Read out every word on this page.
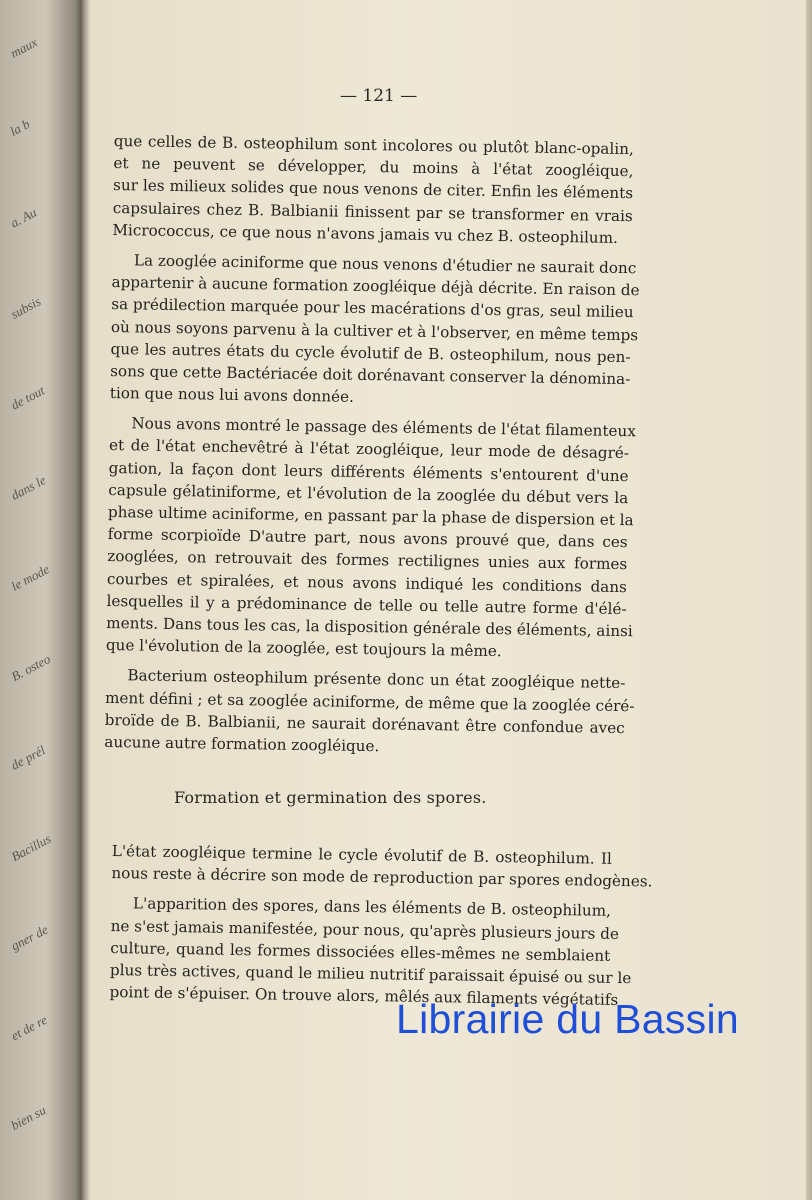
maux
la b
a. Au
subsis
de tout
dans le
le mode
B. osteo
de prél
Bacillus
gner de
et de re
bien su
— 121 —
que celles de B. osteophilum sont incolores ou plutôt blanc-opalin,
et ne peuvent se développer, du moins à l'état zoogléique,
sur les milieux solides que nous venons de citer. Enfin les éléments
capsulaires chez B. Balbianii finissent par se transformer en vrais
Micrococcus, ce que nous n'avons jamais vu chez B. osteophilum.
La zooglée aciniforme que nous venons d'étudier ne saurait donc
appartenir à aucune formation zoogléique déjà décrite. En raison de
sa prédilection marquée pour les macérations d'os gras, seul milieu
où nous soyons parvenu à la cultiver et à l'observer, en même temps
que les autres états du cycle évolutif de B. osteophilum, nous pen-
sons que cette Bactériacée doit dorénavant conserver la dénomina-
tion que nous lui avons donnée.
Nous avons montré le passage des éléments de l'état filamenteux
et de l'état enchevêtré à l'état zoogléique, leur mode de désagré-
gation, la façon dont leurs différents éléments s'entourent d'une
capsule gélatiniforme, et l'évolution de la zooglée du début vers la
phase ultime aciniforme, en passant par la phase de dispersion et la
forme scorpioïde D'autre part, nous avons prouvé que, dans ces
zooglées, on retrouvait des formes rectilignes unies aux formes
courbes et spiralées, et nous avons indiqué les conditions dans
lesquelles il y a prédominance de telle ou telle autre forme d'élé-
ments. Dans tous les cas, la disposition générale des éléments, ainsi
que l'évolution de la zooglée, est toujours la même.
Bacterium osteophilum présente donc un état zoogléique nette-
ment défini ; et sa zooglée aciniforme, de même que la zooglée céré-
broïde de B. Balbianii, ne saurait dorénavant être confondue avec
aucune autre formation zoogléique.
Formation et germination des spores.
L'état zoogléique termine le cycle évolutif de B. osteophilum. Il
nous reste à décrire son mode de reproduction par spores endogènes.
L'apparition des spores, dans les éléments de B. osteophilum,
ne s'est jamais manifestée, pour nous, qu'après plusieurs jours de
culture, quand les formes dissociées elles-mêmes ne semblaient
plus très actives, quand le milieu nutritif paraissait épuisé ou sur le
point de s'épuiser. On trouve alors, mêlés aux filaments végétatifs
Librairie du Bassin
